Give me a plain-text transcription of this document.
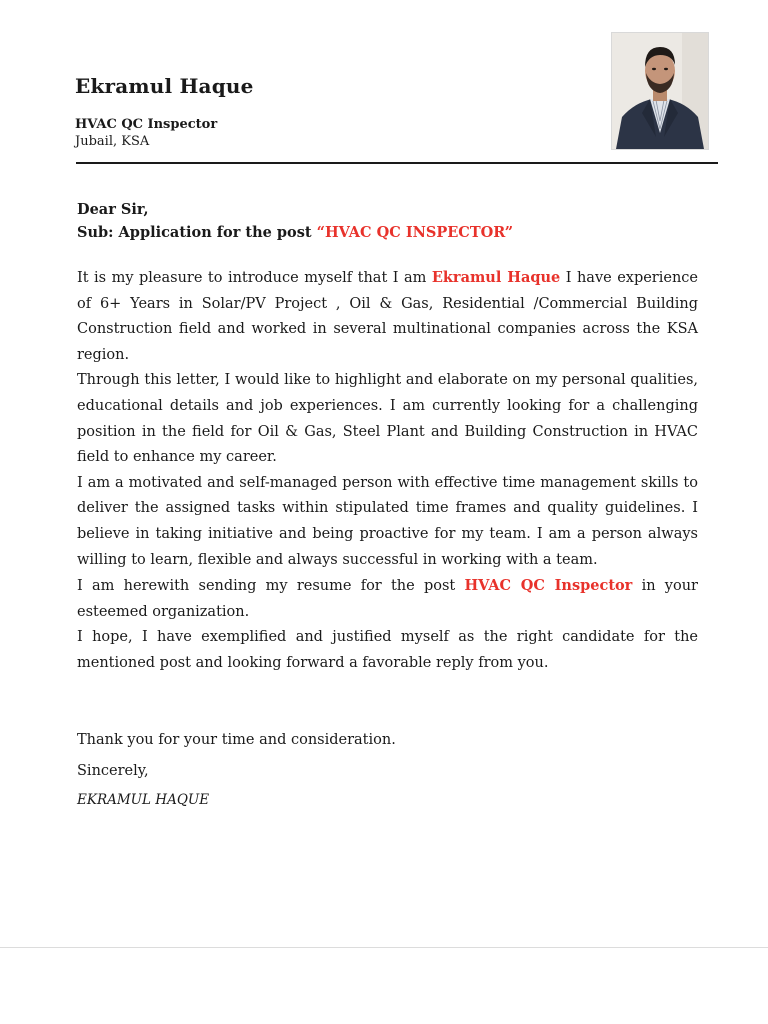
Ekramul Haque
HVAC QC Inspector
Jubail, KSA
Dear Sir,
Sub: Application for the post “HVAC QC INSPECTOR”

It is my pleasure to introduce myself that I am Ekramul Haque I have experience of 6+ Years in Solar/PV Project , Oil & Gas, Residential /Commercial Building Construction field and worked in several multinational companies across the KSA region.

Through this letter, I would like to highlight and elaborate on my personal qualities, educational details and job experiences. I am currently looking for a challenging position in the field for Oil & Gas, Steel Plant and Building Construction in HVAC field to enhance my career.

I am a motivated and self-managed person with effective time management skills to deliver the assigned tasks within stipulated time frames and quality guidelines. I believe in taking initiative and being proactive for my team. I am a person always willing to learn, flexible and always successful in working with a team.

I am herewith sending my resume for the post HVAC QC Inspector in your esteemed organization.

I hope, I have exemplified and justified myself as the right candidate for the mentioned post and looking forward a favorable reply from you.

Thank you for your time and consideration.
Sincerely,
EKRAMUL HAQUE
